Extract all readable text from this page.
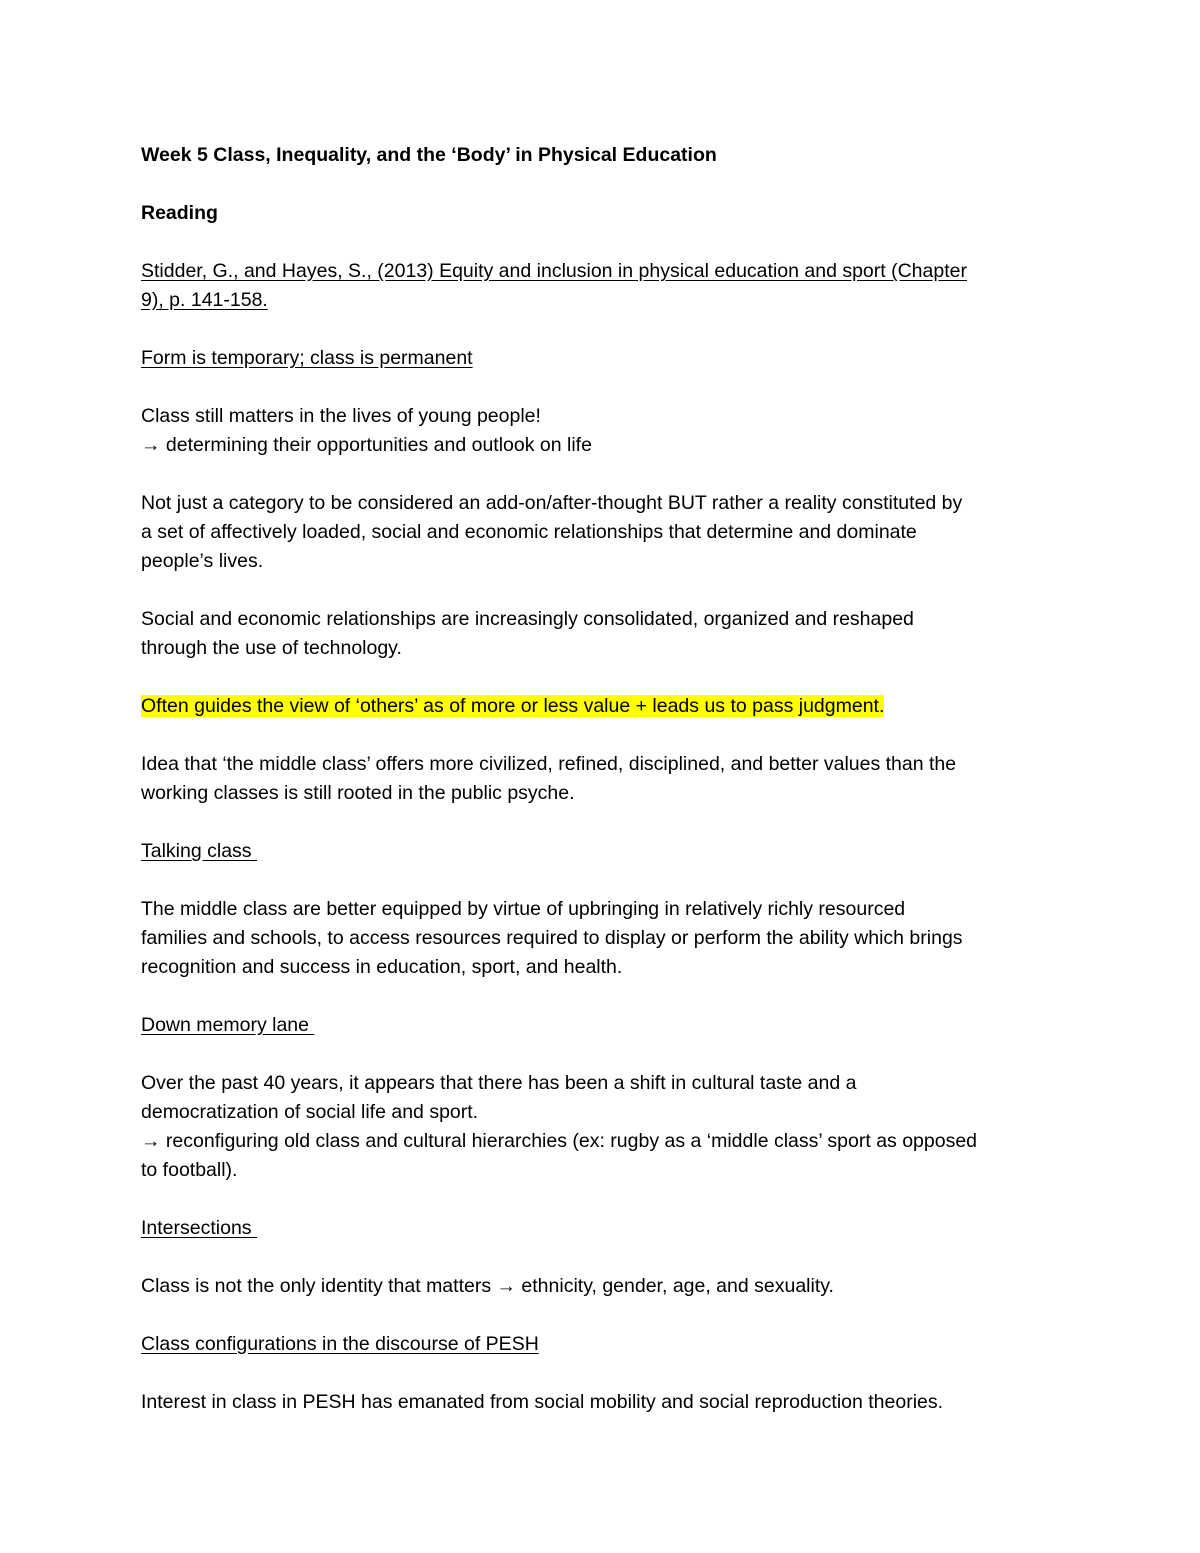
Week 5 Class, Inequality, and the ‘Body’ in Physical Education
Reading
Stidder, G., and Hayes, S., (2013) Equity and inclusion in physical education and sport (Chapter
9), p. 141-158.
Form is temporary; class is permanent
Class still matters in the lives of young people!
→ determining their opportunities and outlook on life
Not just a category to be considered an add-on/after-thought BUT rather a reality constituted by
a set of affectively loaded, social and economic relationships that determine and dominate
people’s lives.
Social and economic relationships are increasingly consolidated, organized and reshaped
through the use of technology.
Often guides the view of ‘others’ as of more or less value + leads us to pass judgment.
Idea that ‘the middle class’ offers more civilized, refined, disciplined, and better values than the
working classes is still rooted in the public psyche.
Talking class
The middle class are better equipped by virtue of upbringing in relatively richly resourced
families and schools, to access resources required to display or perform the ability which brings
recognition and success in education, sport, and health.
Down memory lane
Over the past 40 years, it appears that there has been a shift in cultural taste and a
democratization of social life and sport.
→ reconfiguring old class and cultural hierarchies (ex: rugby as a ‘middle class’ sport as opposed
to football).
Intersections
Class is not the only identity that matters → ethnicity, gender, age, and sexuality.
Class configurations in the discourse of PESH
Interest in class in PESH has emanated from social mobility and social reproduction theories.
